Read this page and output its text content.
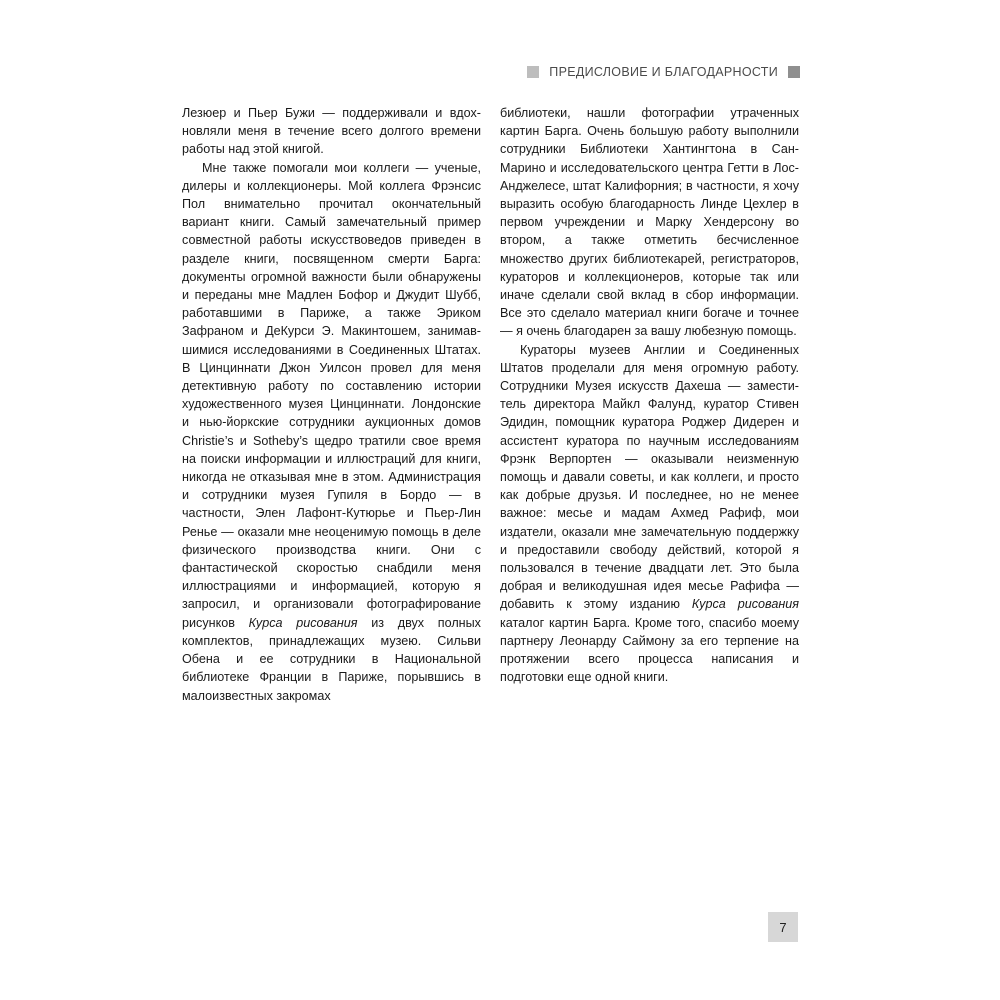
ПРЕДИСЛОВИЕ И БЛАГОДАРНОСТИ

Лезюер и Пьер Бужи — поддерживали и вдохновляли меня в течение всего долгого времени работы над этой книгой.

Мне также помогали мои коллеги — ученые, дилеры и коллекционеры. Мой коллега Фрэнсис Пол внимательно прочитал окончательный вариант книги. Самый замечательный пример совместной работы искусствоведов приведен в разделе книги, посвященном смерти Барга: документы огромной важности были обнаружены и переданы мне Мадлен Бофор и Джудит Шубб, работавшими в Париже, а также Эриком Зафраном и ДеКурси Э. Макинтошем, занимавшимися исследованиями в Соединенных Штатах. В Цинциннати Джон Уилсон провел для меня детективную работу по составлению истории художественного музея Цинциннати. Лондонские и нью-йоркские сотрудники аукционных домов Christie’s и Sotheby’s щедро тратили свое время на поиски информации и иллюстраций для книги, никогда не отказывая мне в этом. Администрация и сотрудники музея Гупиля в Бордо — в частности, Элен Лафонт-Кутюрье и Пьер-Лин Ренье — оказали мне неоценимую помощь в деле физического производства книги. Они с фантастической скоростью снабдили меня иллюстрациями и информацией, которую я запросил, и организовали фотографирование рисунков Курса рисования из двух полных комплектов, принадлежащих музею. Сильви Обена и ее сотрудники в Национальной библиотеке Франции в Париже, порывшись в малоизвестных закромах

библиотеки, нашли фотографии утраченных картин Барга. Очень большую работу выполнили сотрудники Библиотеки Хантингтона в Сан-Марино и исследовательского центра Гетти в Лос-Анджелесе, штат Калифорния; в частности, я хочу выразить особую благодарность Линде Цехлер в первом учреждении и Марку Хендерсону во втором, а также отметить бесчисленное множество других библиотекарей, регистраторов, кураторов и коллекционеров, которые так или иначе сделали свой вклад в сбор информации. Все это сделало материал книги богаче и точнее — я очень благодарен за вашу любезную помощь.

Кураторы музеев Англии и Соединенных Штатов проделали для меня огромную работу. Сотрудники Музея искусств Дахеша — заместитель директора Майкл Фалунд, куратор Стивен Эдидин, помощник куратора Роджер Дидерен и ассистент куратора по научным исследованиям Фрэнк Верпортен — оказывали неизменную помощь и давали советы, и как коллеги, и просто как добрые друзья. И последнее, но не менее важное: месье и мадам Ахмед Рафиф, мои издатели, оказали мне замечательную поддержку и предоставили свободу действий, которой я пользовался в течение двадцати лет. Это была добрая и великодушная идея месье Рафифа — добавить к этому изданию Курса рисования каталог картин Барга. Кроме того, спасибо моему партнеру Леонарду Саймону за его терпение на протяжении всего процесса написания и подготовки еще одной книги.

7
